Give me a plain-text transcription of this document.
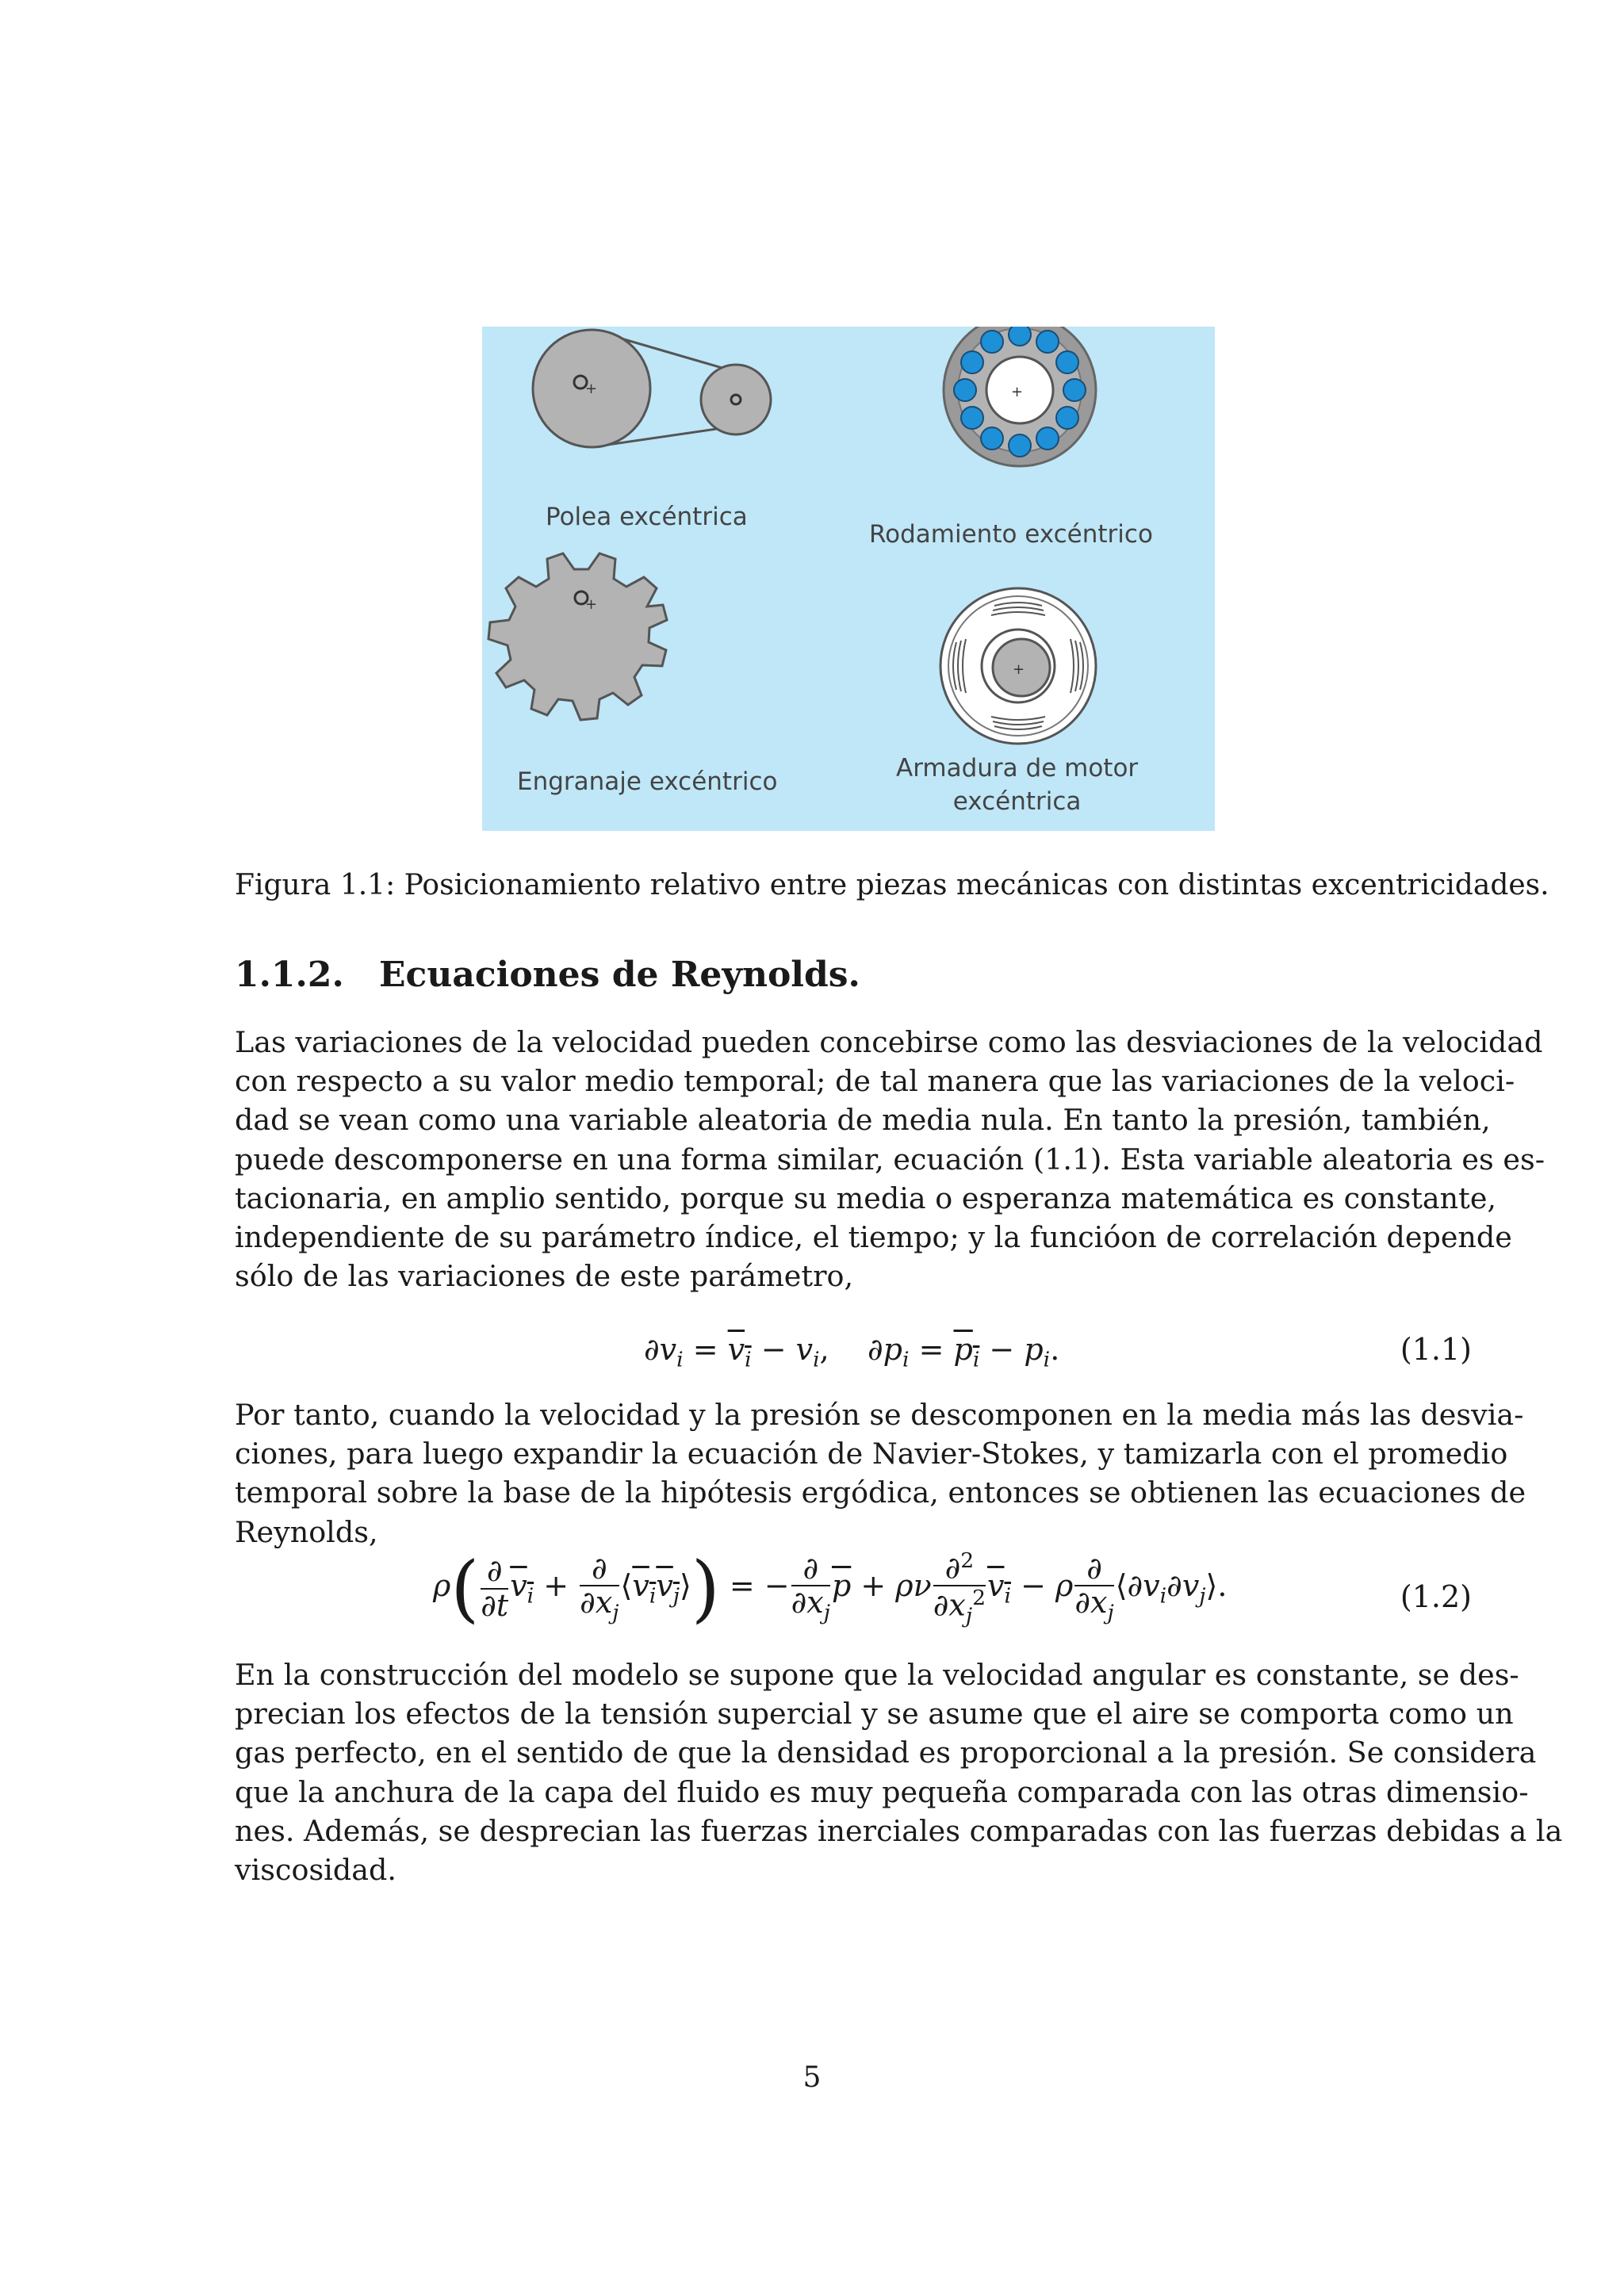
+	+
+
+
Polea excéntrica
Rodamiento excéntrico
Engranaje excéntrico	Armadura de motor
excéntrica
Figura 1.1: Posicionamiento relativo entre piezas mecánicas con distintas excentricidades.
1.1.2. Ecuaciones de Reynolds.
Las variaciones de la velocidad pueden concebirse como las desviaciones de la velocidad
con respecto a su valor medio temporal; de tal manera que las variaciones de la veloci-
dad se vean como una variable aleatoria de media nula. En tanto la presión, también,
puede descomponerse en una forma similar, ecuación (1.1). Esta variable aleatoria es es-
tacionaria, en amplio sentido, porque su media o esperanza matemática es constante,
independiente de su parámetro índice, el tiempo; y la funcióon de correlación depende
sólo de las variaciones de este parámetro,
$\partial v_i = v_i - v_i$,    $\partial p_i = p_i - p_i$.	(1.1)
Por tanto, cuando la velocidad y la presión se descomponen en la media más las desvia-
ciones, para luego expandir la ecuación de Navier-Stokes, y tamizarla con el promedio
temporal sobre la base de la hipótesis ergódica, entonces se obtienen las ecuaciones de
Reynolds,
$\rho( \frac{\partial}{\partial t} v_i + \frac{\partial}{\partial x_j}$ $⟨v_iv_j⟩$) = − $\frac{\partial}{\partial x_j} \overline{p} + \rho\nu \frac{\partial^2}{\partial x_j^2} v_i - \rho \frac{\partial}{\partial x_j}$ $⟨\partial v_i\partial v_j⟩$.	(1.2)
En la construcción del modelo se supone que la velocidad angular es constante, se des-
precian los efectos de la tensión supercial y se asume que el aire se comporta como un
gas perfecto, en el sentido de que la densidad es proporcional a la presión. Se considera
que la anchura de la capa del fluido es muy pequeña comparada con las otras dimensio-
nes. Además, se desprecian las fuerzas inerciales comparadas con las fuerzas debidas a la
viscosidad.
5
